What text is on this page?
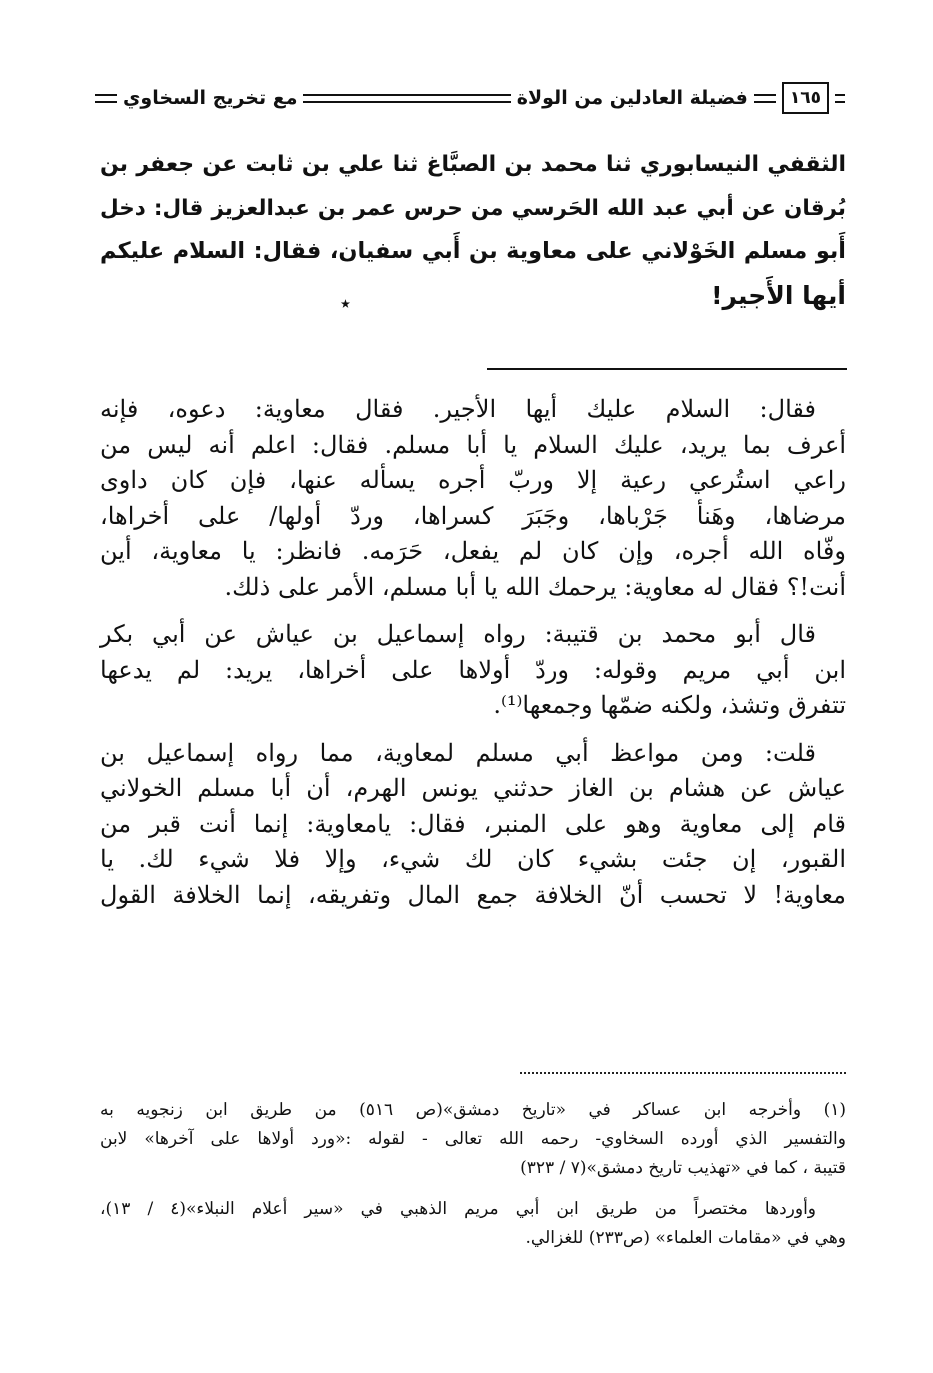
١٦٥
فضيلة العادلين من الولاة
مع تخريج السخاوي
الثقفي النيسابوري ثنا محمد بن الصبَّاغ ثنا علي بن ثابت عن جعفر بن
بُرقان عن أبي عبد الله الحَرسي من حرس عمر بن عبدالعزيز قال: دخل
أَبو مسلم الخَوْلاني على معاوية بن أَبي سفيان، فقال: السلام عليكم
أيها الأَجير!
٭
فقال: السلام عليك أيها الأجير. فقال معاوية: دعوه، فإنه
أعرف بما يريد، عليك السلام يا أبا مسلم. فقال: اعلم أنه ليس من
راعي استُرعي رعية إلا وربّ أجره يسأله عنها، فإن كان داوى
مرضاها، وهَنأ جَرْباها، وجَبَرَ كسراها، وردّ أولها/ على أخراها،
وفّاه الله أجره، وإن كان لم يفعل، حَرَمه. فانظر: يا معاوية، أين
أنت!؟ فقال له معاوية: يرحمك الله يا أبا مسلم، الأمر على ذلك.
قال أبو محمد بن قتيبة: رواه إسماعيل بن عياش عن أبي بكر
ابن أبي مريم وقوله: وردّ أولاها على أخراها، يريد: لم يدعها
تتفرق وتشذ، ولكنه ضمّها وجمعها⁽¹⁾.
قلت: ومن مواعظ أبي مسلم لمعاوية، مما رواه إسماعيل بن
عياش عن هشام بن الغاز حدثني يونس الهرم، أن أبا مسلم الخولاني
قام إلى معاوية وهو على المنبر، فقال: يامعاوية: إنما أنت قبر من
القبور، إن جئت بشيء كان لك شيء، وإلا فلا شيء لك. يا
معاوية! لا تحسب أنّ الخلافة جمع المال وتفريقه، إنما الخلافة القول
(١) وأخرجه ابن عساكر في «تاريخ دمشق»(ص ٥١٦) من طريق ابن زنجويه به
والتفسير الذي أورده السخاوي- رحمه الله تعالى - لقوله :«ورد أولاها على آخرها» لابن
قتيبة ، كما في «تهذيب تاريخ دمشق»(٧ / ٣٢٣)
وأوردها مختصراً من طريق ابن أبي مريم الذهبي في «سير أعلام النبلاء»(٤ / ١٣)،
وهي في «مقامات العلماء» (ص٢٣٣) للغزالي.
